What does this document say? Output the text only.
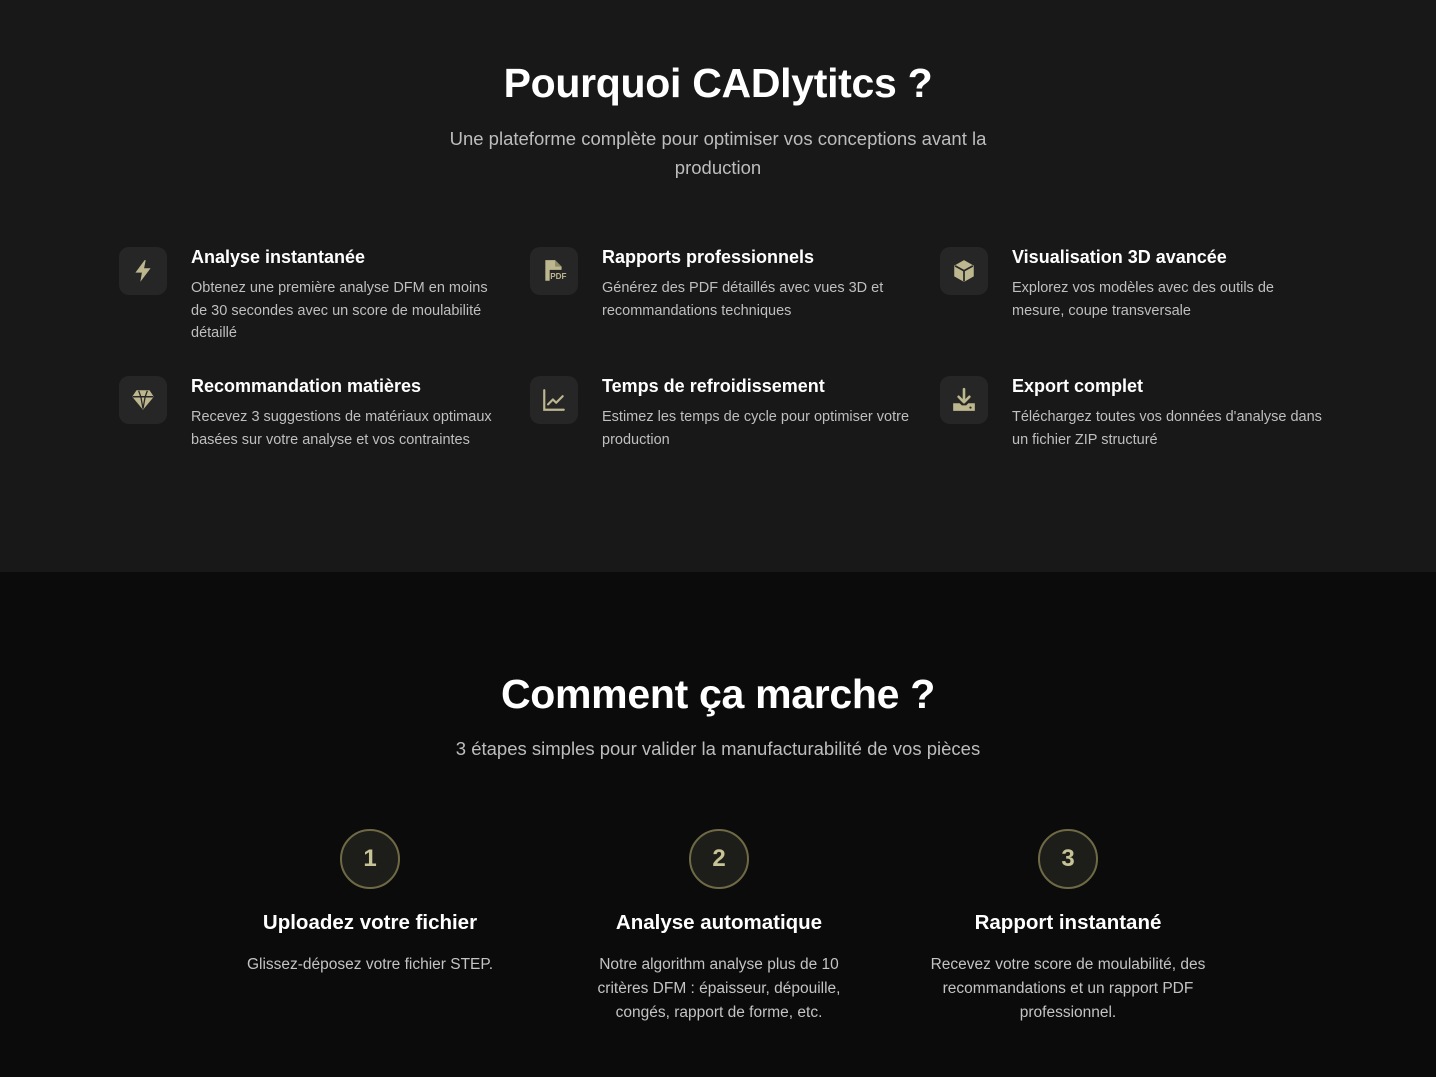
Pourquoi CADlytitcs ?

Une plateforme complète pour optimiser vos conceptions avant la production

Analyse instantanée
Obtenez une première analyse DFM en moins de 30 secondes avec un score de moulabilité détaillé
PDF
Rapports professionnels
Générez des PDF détaillés avec vues 3D et recommandations techniques
Visualisation 3D avancée
Explorez vos modèles avec des outils de mesure, coupe transversale
Recommandation matières
Recevez 3 suggestions de matériaux optimaux basées sur votre analyse et vos contraintes
Temps de refroidissement
Estimez les temps de cycle pour optimiser votre production
Export complet
Téléchargez toutes vos données d'analyse dans un fichier ZIP structuré
Comment ça marche ?

3 étapes simples pour valider la manufacturabilité de vos pièces

1
Uploadez votre fichier
Glissez-déposez votre fichier STEP.
2
Analyse automatique
Notre algorithm analyse plus de 10 critères DFM : épaisseur, dépouille, congés, rapport de forme, etc.
3
Rapport instantané
Recevez votre score de moulabilité, des recommandations et un rapport PDF professionnel.
